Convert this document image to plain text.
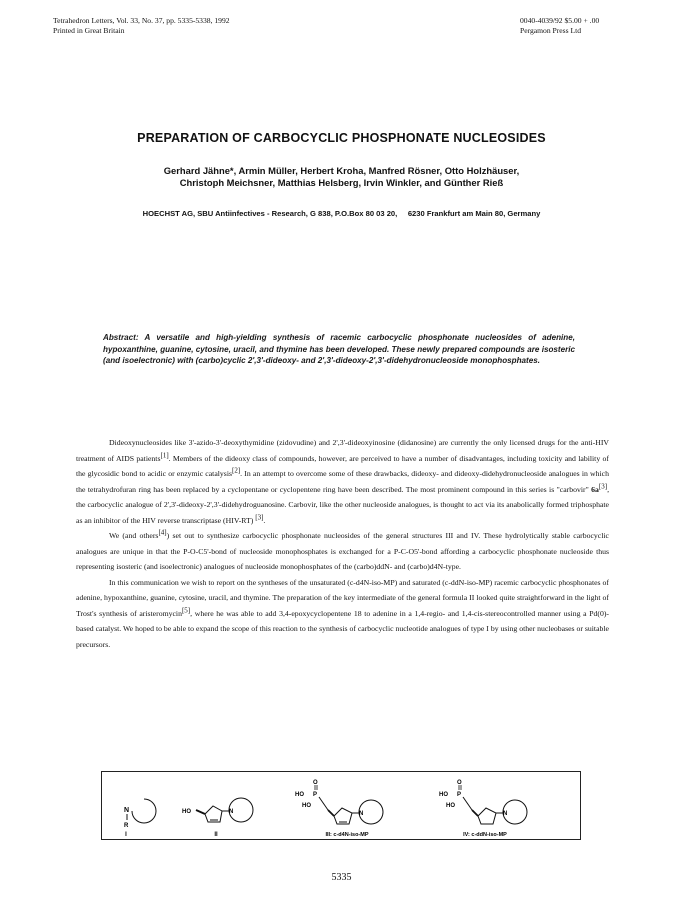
Tetrahedron Letters, Vol. 33, No. 37, pp. 5335-5338, 1992
Printed in Great Britain
0040-4039/92 $5.00 + .00
Pergamon Press Ltd
PREPARATION OF CARBOCYCLIC PHOSPHONATE NUCLEOSIDES
Gerhard Jähne*, Armin Müller, Herbert Kroha, Manfred Rösner, Otto Holzhäuser,
Christoph Meichsner, Matthias Helsberg, Irvin Winkler, and Günther Rieß
HOECHST AG, SBU Antiinfectives - Research, G 838, P.O.Box 80 03 20,     6230 Frankfurt am Main 80, Germany
Abstract: A versatile and high-yielding synthesis of racemic carbocyclic phosphonate nucleosides of adenine, hypoxanthine, guanine, cytosine, uracil, and thymine has been developed. These newly prepared compounds are isosteric (and isoelectronic) with (carbo)cyclic 2',3'-dideoxy- and 2',3'-dideoxy-2',3'-didehydronucleoside monophosphates.

Dideoxynucleosides like 3'-azido-3'-deoxythymidine (zidovudine) and 2',3'-dideoxyinosine (didanosine) are currently the only licensed drugs for the anti-HIV treatment of AIDS patients[1]. Members of the dideoxy class of compounds, however, are perceived to have a number of disadvantages, including toxicity and lability of the glycosidic bond to acidic or enzymic catalysis[2]. In an attempt to overcome some of these drawbacks, dideoxy- and dideoxy-didehydronucleoside analogues in which the tetrahydrofuran ring has been replaced by a cyclopentane or cyclopentene ring have been described. The most prominent compound in this series is "carbovir" 6a[3], the carbocyclic analogue of 2',3'-dideoxy-2',3'-didehydroguanosine. Carbovir, like the other nucleoside analogues, is thought to act via its anabolically formed triphosphate as an inhibitor of the HIV reverse transcriptase (HIV-RT) [3].

We (and others[4]) set out to synthesize carbocyclic phosphonate nucleosides of the general structures III and IV. These hydrolytically stable carbocyclic analogues are unique in that the P-O-C5'-bond of nucleoside monophosphates is exchanged for a P-C-O5'-bond affording a carbocyclic phosphonate nucleoside thus representing isosteric (and isoelectronic) analogues of nucleoside monophosphates of the (carbo)ddN- and (carbo)d4N-type.

In this communication we wish to report on the syntheses of the unsaturated (c-d4N-iso-MP) and saturated (c-ddN-iso-MP) racemic carbocyclic phosphonates of adenine, hypoxanthine, guanine, cytosine, uracil, and thymine. The preparation of the key intermediate of the general formula II looked quite straightforward in the light of Trost's synthesis of aristeromycin[5], where he was able to add 3,4-epoxycyclopentene 18 to adenine in a 1,4-regio- and 1,4-cis-stereocontrolled manner using a Pd(0)-based catalyst. We hoped to be able to expand the scope of this reaction to the synthesis of carbocyclic nucleotide analogues of type I by using other nucleobases or suitable precursors.

N
R
I
HO	N
II
O
HO P
HO
N
III: c-d4N-iso-MP
O
HO P
HO
N
IV: c-ddN-iso-MP
5335
